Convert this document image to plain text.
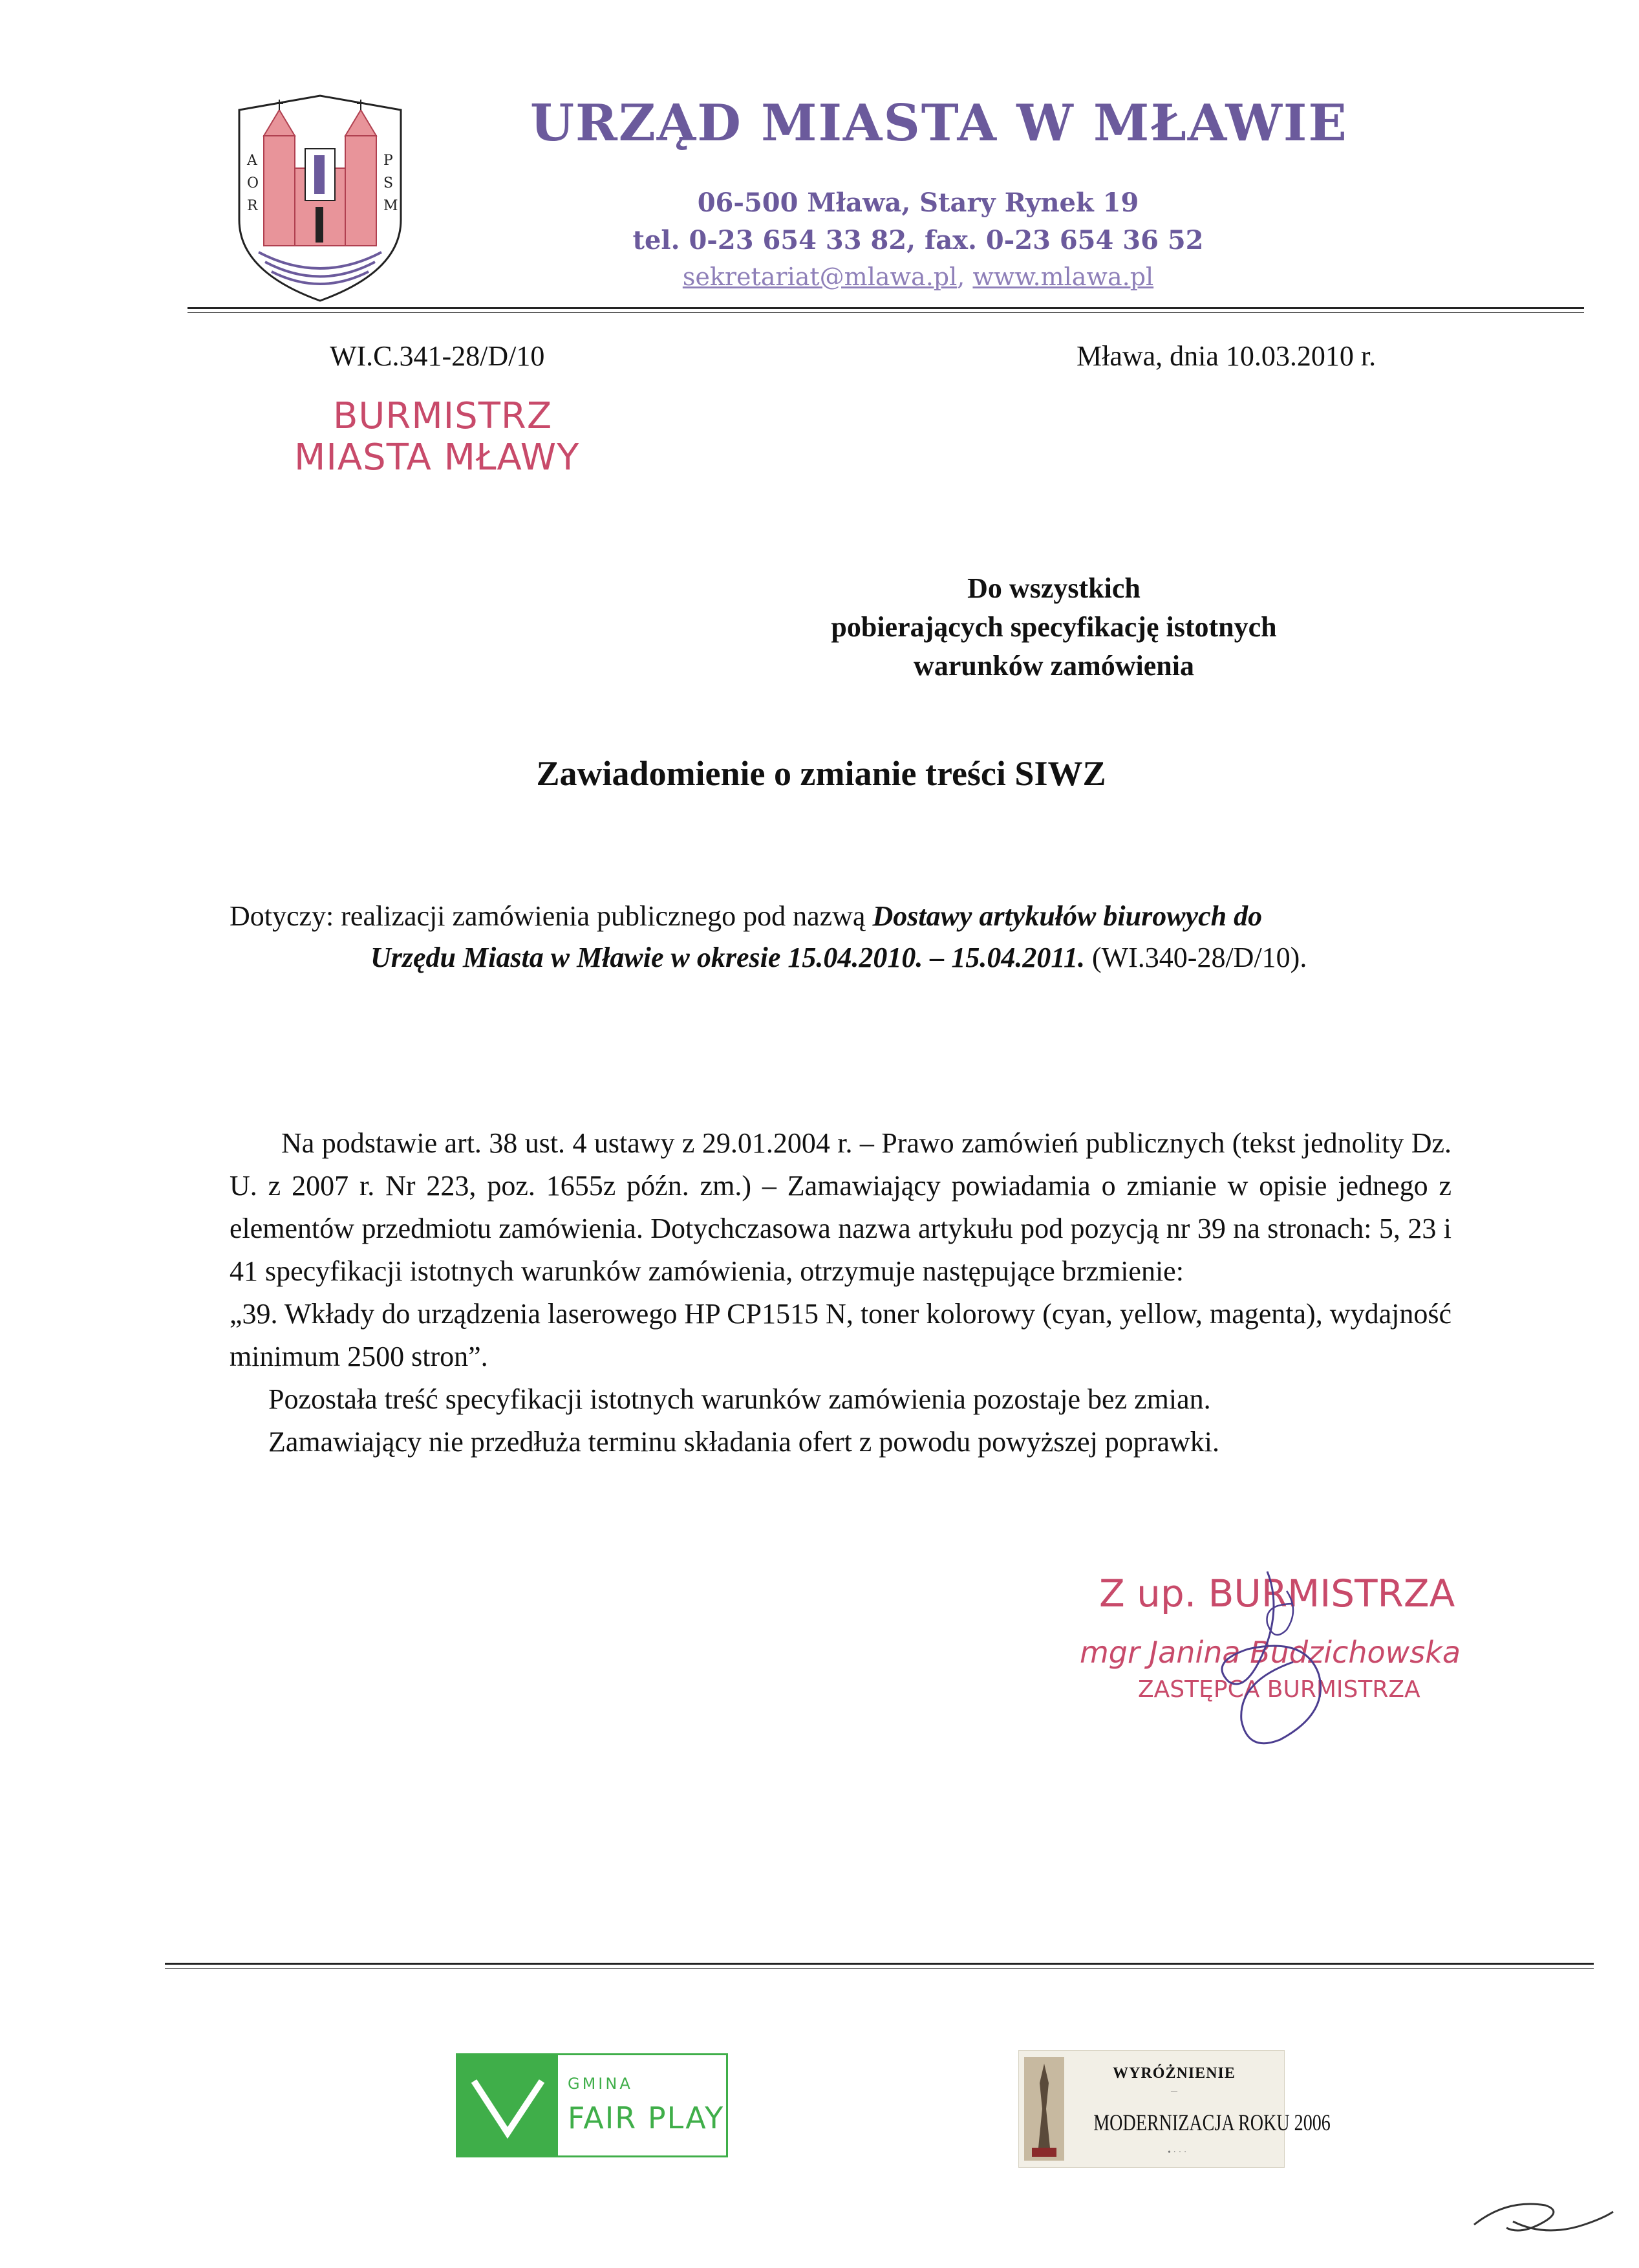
A
O
R
P
S
M
URZĄD MIASTA W MŁAWIE
06-500 Mława, Stary Rynek 19
tel. 0-23 654 33 82, fax. 0-23 654 36 52
sekretariat@mlawa.pl, www.mlawa.pl
WI.C.341-28/D/10	Mława, dnia 10.03.2010 r.
BURMISTRZ
MIASTA MŁAWY
Do wszystkich
pobierających specyfikację istotnych
warunków zamówienia
Zawiadomienie o zmianie treści SIWZ
Dotyczy: realizacji zamówienia publicznego pod nazwą Dostawy artykułów biurowych do
Urzędu Miasta w Mławie w okresie 15.04.2010. – 15.04.2011. (WI.340-28/D/10).

Na podstawie art. 38 ust. 4 ustawy z 29.01.2004 r. – Prawo zamówień publicznych (tekst jednolity Dz. U. z 2007 r. Nr 223, poz. 1655z późn. zm.) – Zamawiający powiadamia o zmianie w opisie jednego z elementów przedmiotu zamówienia. Dotychczasowa nazwa artykułu pod pozycją nr 39 na stronach: 5, 23 i 41 specyfikacji istotnych warunków zamówienia, otrzymuje następujące brzmienie:

„39. Wkłady do urządzenia laserowego HP CP1515 N, toner kolorowy (cyan, yellow, magenta), wydajność minimum 2500 stron”.

Pozostała treść specyfikacji istotnych warunków zamówienia pozostaje bez zmian.

Zamawiający nie przedłuża terminu składania ofert z powodu powyższej poprawki.

Z up. BURMISTRZA
mgr Janina Budzichowska
ZASTĘPCA BURMISTRZA
GMINA
FAIR PLAY
WYRÓŻNIENIE
—
MODERNIZACJA ROKU 2006
• · · ·
